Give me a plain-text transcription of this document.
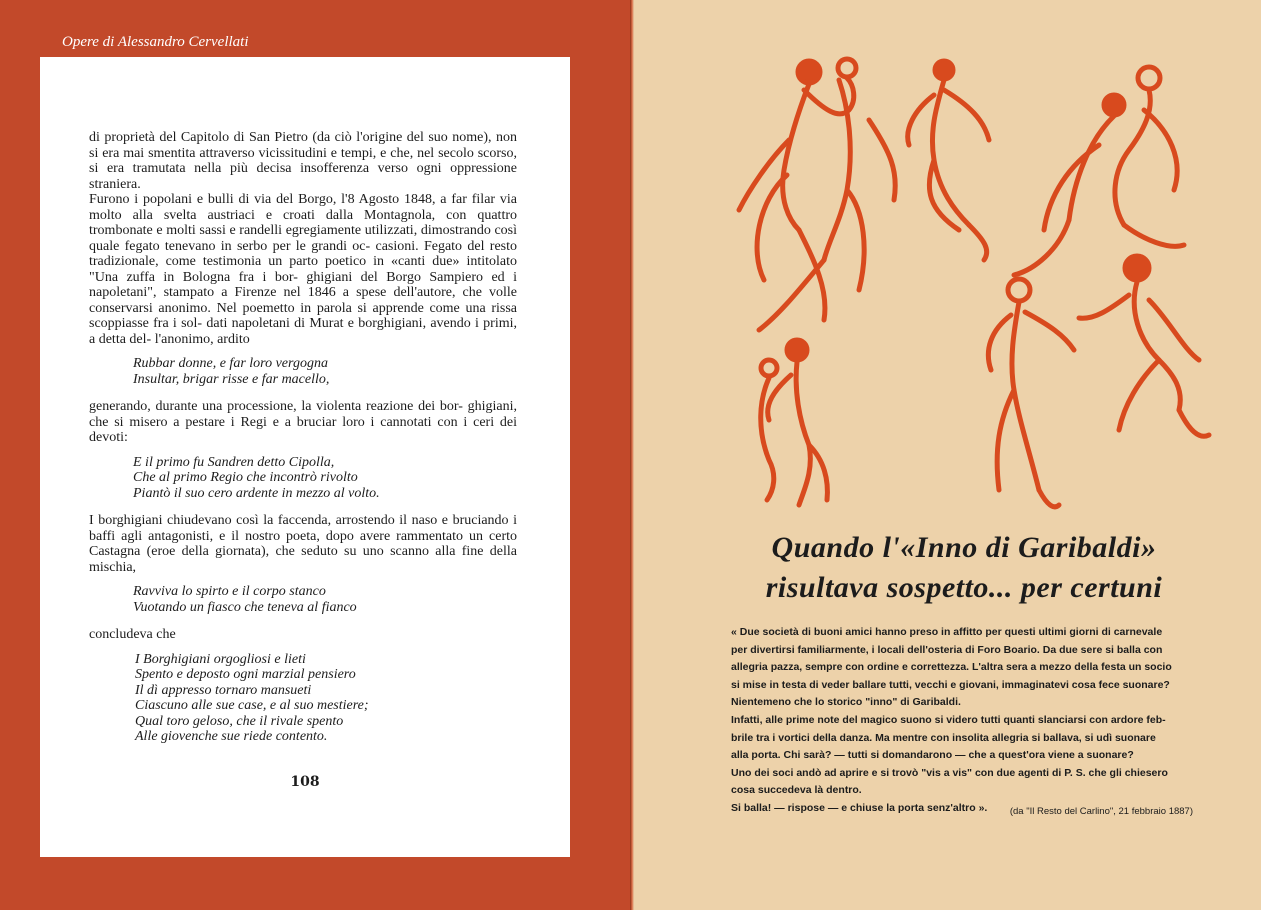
Opere di Alessandro Cervellati

di proprietà del Capitolo di San Pietro (da ciò l'origine del suo nome), non si era mai smentita attraverso vicissitudini e tempi, e che, nel secolo scorso, si era tramutata nella più decisa insofferenza verso ogni oppressione straniera.

Furono i popolani e bulli di via del Borgo, l'8 Agosto 1848, a far filar via molto alla svelta austriaci e croati dalla Montagnola, con quattro trombonate e molti sassi e randelli egregiamente utilizzati, dimostrando così quale fegato tenevano in serbo per le grandi oc- casioni. Fegato del resto tradizionale, come testimonia un parto poetico in «canti due» intitolato "Una zuffa in Bologna fra i bor- ghigiani del Borgo Sampiero ed i napoletani", stampato a Firenze nel 1846 a spese dell'autore, che volle conservarsi anonimo. Nel poemetto in parola si apprende come una rissa scoppiasse fra i sol- dati napoletani di Murat e borghigiani, avendo i primi, a detta del- l'anonimo, ardito

Rubbar donne, e far loro vergogna
Insultar, brigar risse e far macello,

generando, durante una processione, la violenta reazione dei bor- ghigiani, che si misero a pestare i Regi e a bruciar loro i cannotati con i ceri dei devoti:

E il primo fu Sandren detto Cipolla,
Che al primo Regio che incontrò rivolto
Piantò il suo cero ardente in mezzo al volto.

I borghigiani chiudevano così la faccenda, arrostendo il naso e bruciando i baffi agli antagonisti, e il nostro poeta, dopo avere rammentato un certo Castagna (eroe della giornata), che seduto su uno scanno alla fine della mischia,

Ravviva lo spirto e il corpo stanco
Vuotando un fiasco che teneva al fianco

concludeva che

I Borghigiani orgogliosi e lieti
Spento e deposto ogni marzial pensiero
Il dì appresso tornaro mansueti
Ciascuno alle sue case, e al suo mestiere;
Qual toro geloso, che il rivale spento
Alle giovenche sue riede contento.
108
Quando l'«Inno di Garibaldi»
risultava sospetto... per certuni
« Due società di buoni amici hanno preso in affitto per questi ultimi giorni di carnevale
per divertirsi familiarmente, i locali dell'osteria di Foro Boario. Da due sere si balla con
allegria pazza, sempre con ordine e correttezza. L'altra sera a mezzo della festa un socio
si mise in testa di veder ballare tutti, vecchi e giovani, immaginatevi cosa fece suonare?
Nientemeno che lo storico "inno" di Garibaldi.
Infatti, alle prime note del magico suono si videro tutti quanti slanciarsi con ardore feb-
brile tra i vortici della danza. Ma mentre con insolita allegria si ballava, si udì suonare
alla porta. Chi sarà? — tutti si domandarono — che a quest'ora viene a suonare?
Uno dei soci andò ad aprire e si trovò "vis a vis" con due agenti di P. S. che gli chiesero
cosa succedeva là dentro.
Si balla! — rispose — e chiuse la porta senz'altro ».	(da "Il Resto del Carlino", 21 febbraio 1887)
